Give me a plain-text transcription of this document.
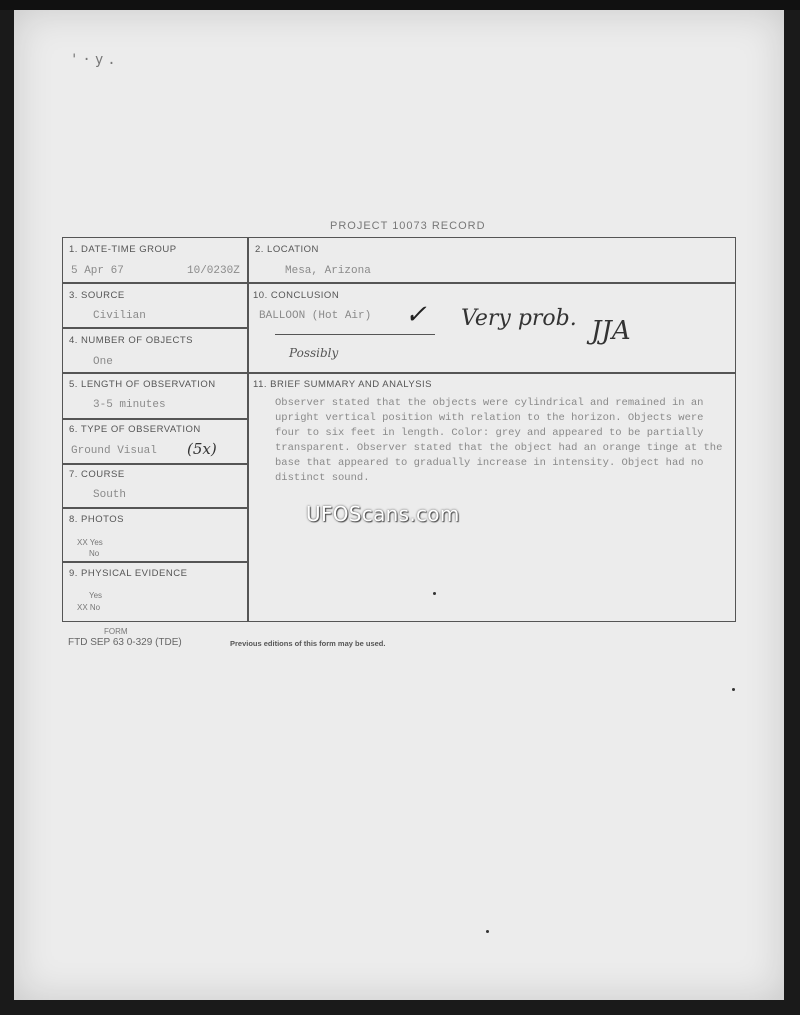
'·y.
PROJECT 10073 RECORD
1. DATE-TIME GROUP
5 Apr 67	10/0230Z
2. LOCATION
Mesa, Arizona
3. SOURCE
Civilian
10. CONCLUSION
BALLOON (Hot Air) ✓ Very prob. JJA
Possibly
4. NUMBER OF OBJECTS
One
5. LENGTH OF OBSERVATION
3-5 minutes
11. BRIEF SUMMARY AND ANALYSIS
Observer stated that the objects were cylindrical and remained in an upright vertical position with relation to the horizon. Objects were four to six feet in length. Color: grey and appeared to be partially transparent. Observer stated that the object had an orange tinge at the base that appeared to gradually increase in intensity. Object had no distinct sound.
6. TYPE OF OBSERVATION
Ground Visual (5x)
7. COURSE
South
8. PHOTOS
XX Yes
No
9. PHYSICAL EVIDENCE
Yes
XX No
UFOScans.com
FORM
FTD SEP 63 0-329 (TDE)	Previous editions of this form may be used.
